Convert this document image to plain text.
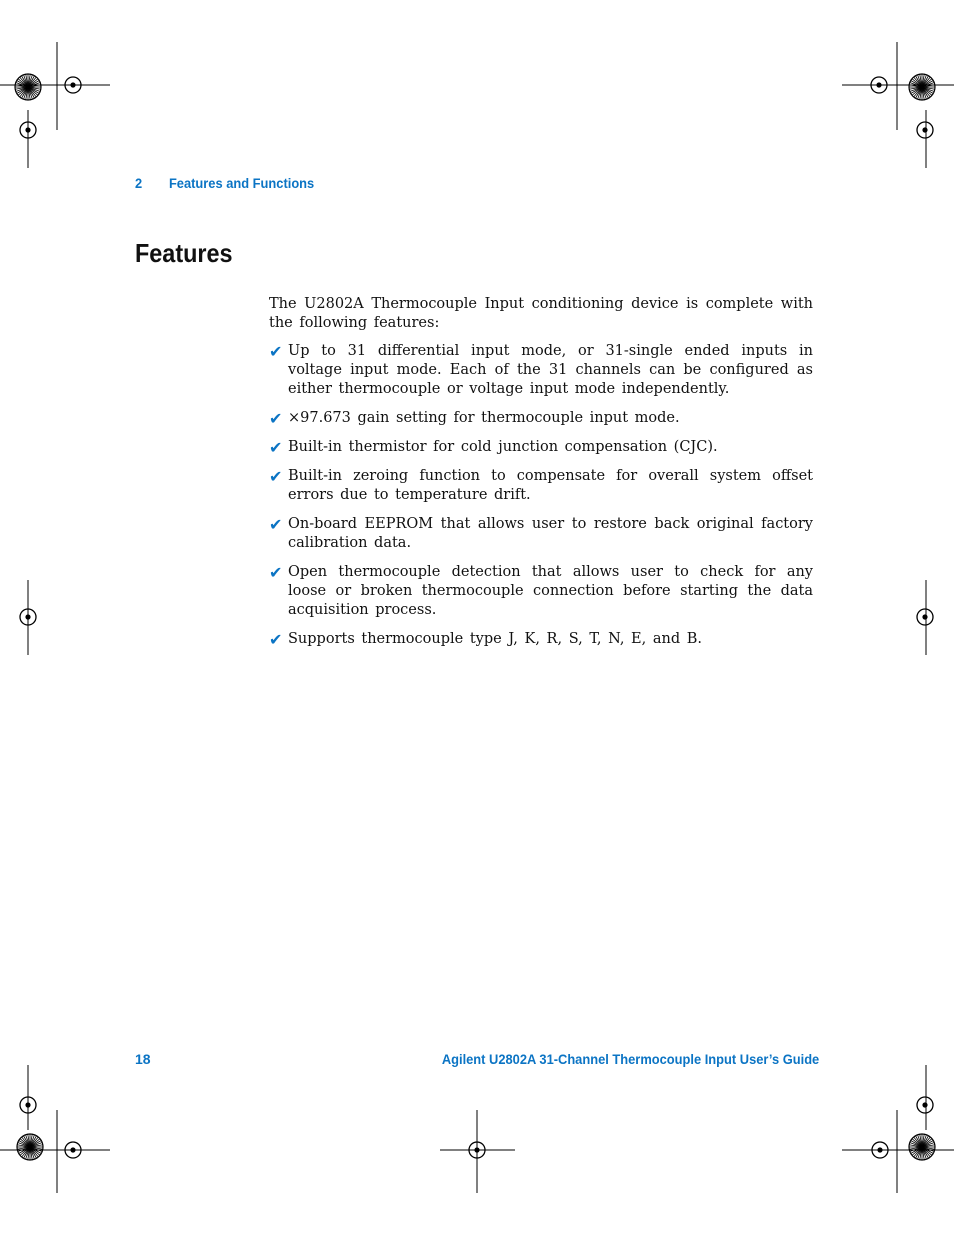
2 Features and Functions
Features

The U2802A Thermocouple Input conditioning device is complete with the following features:

✔ Up to 31 differential input mode, or 31-single ended inputs in voltage input mode. Each of the 31 channels can be configured as either thermocouple or voltage input mode independently.
✔ ×97.673 gain setting for thermocouple input mode.
✔ Built-in thermistor for cold junction compensation (CJC).
✔ Built-in zeroing function to compensate for overall system offset errors due to temperature drift.
✔ On-board EEPROM that allows user to restore back original factory calibration data.
✔ Open thermocouple detection that allows user to check for any loose or broken thermocouple connection before starting the data acquisition process.
✔ Supports thermocouple type J, K, R, S, T, N, E, and B.
18	Agilent U2802A 31-Channel Thermocouple Input User’s Guide
